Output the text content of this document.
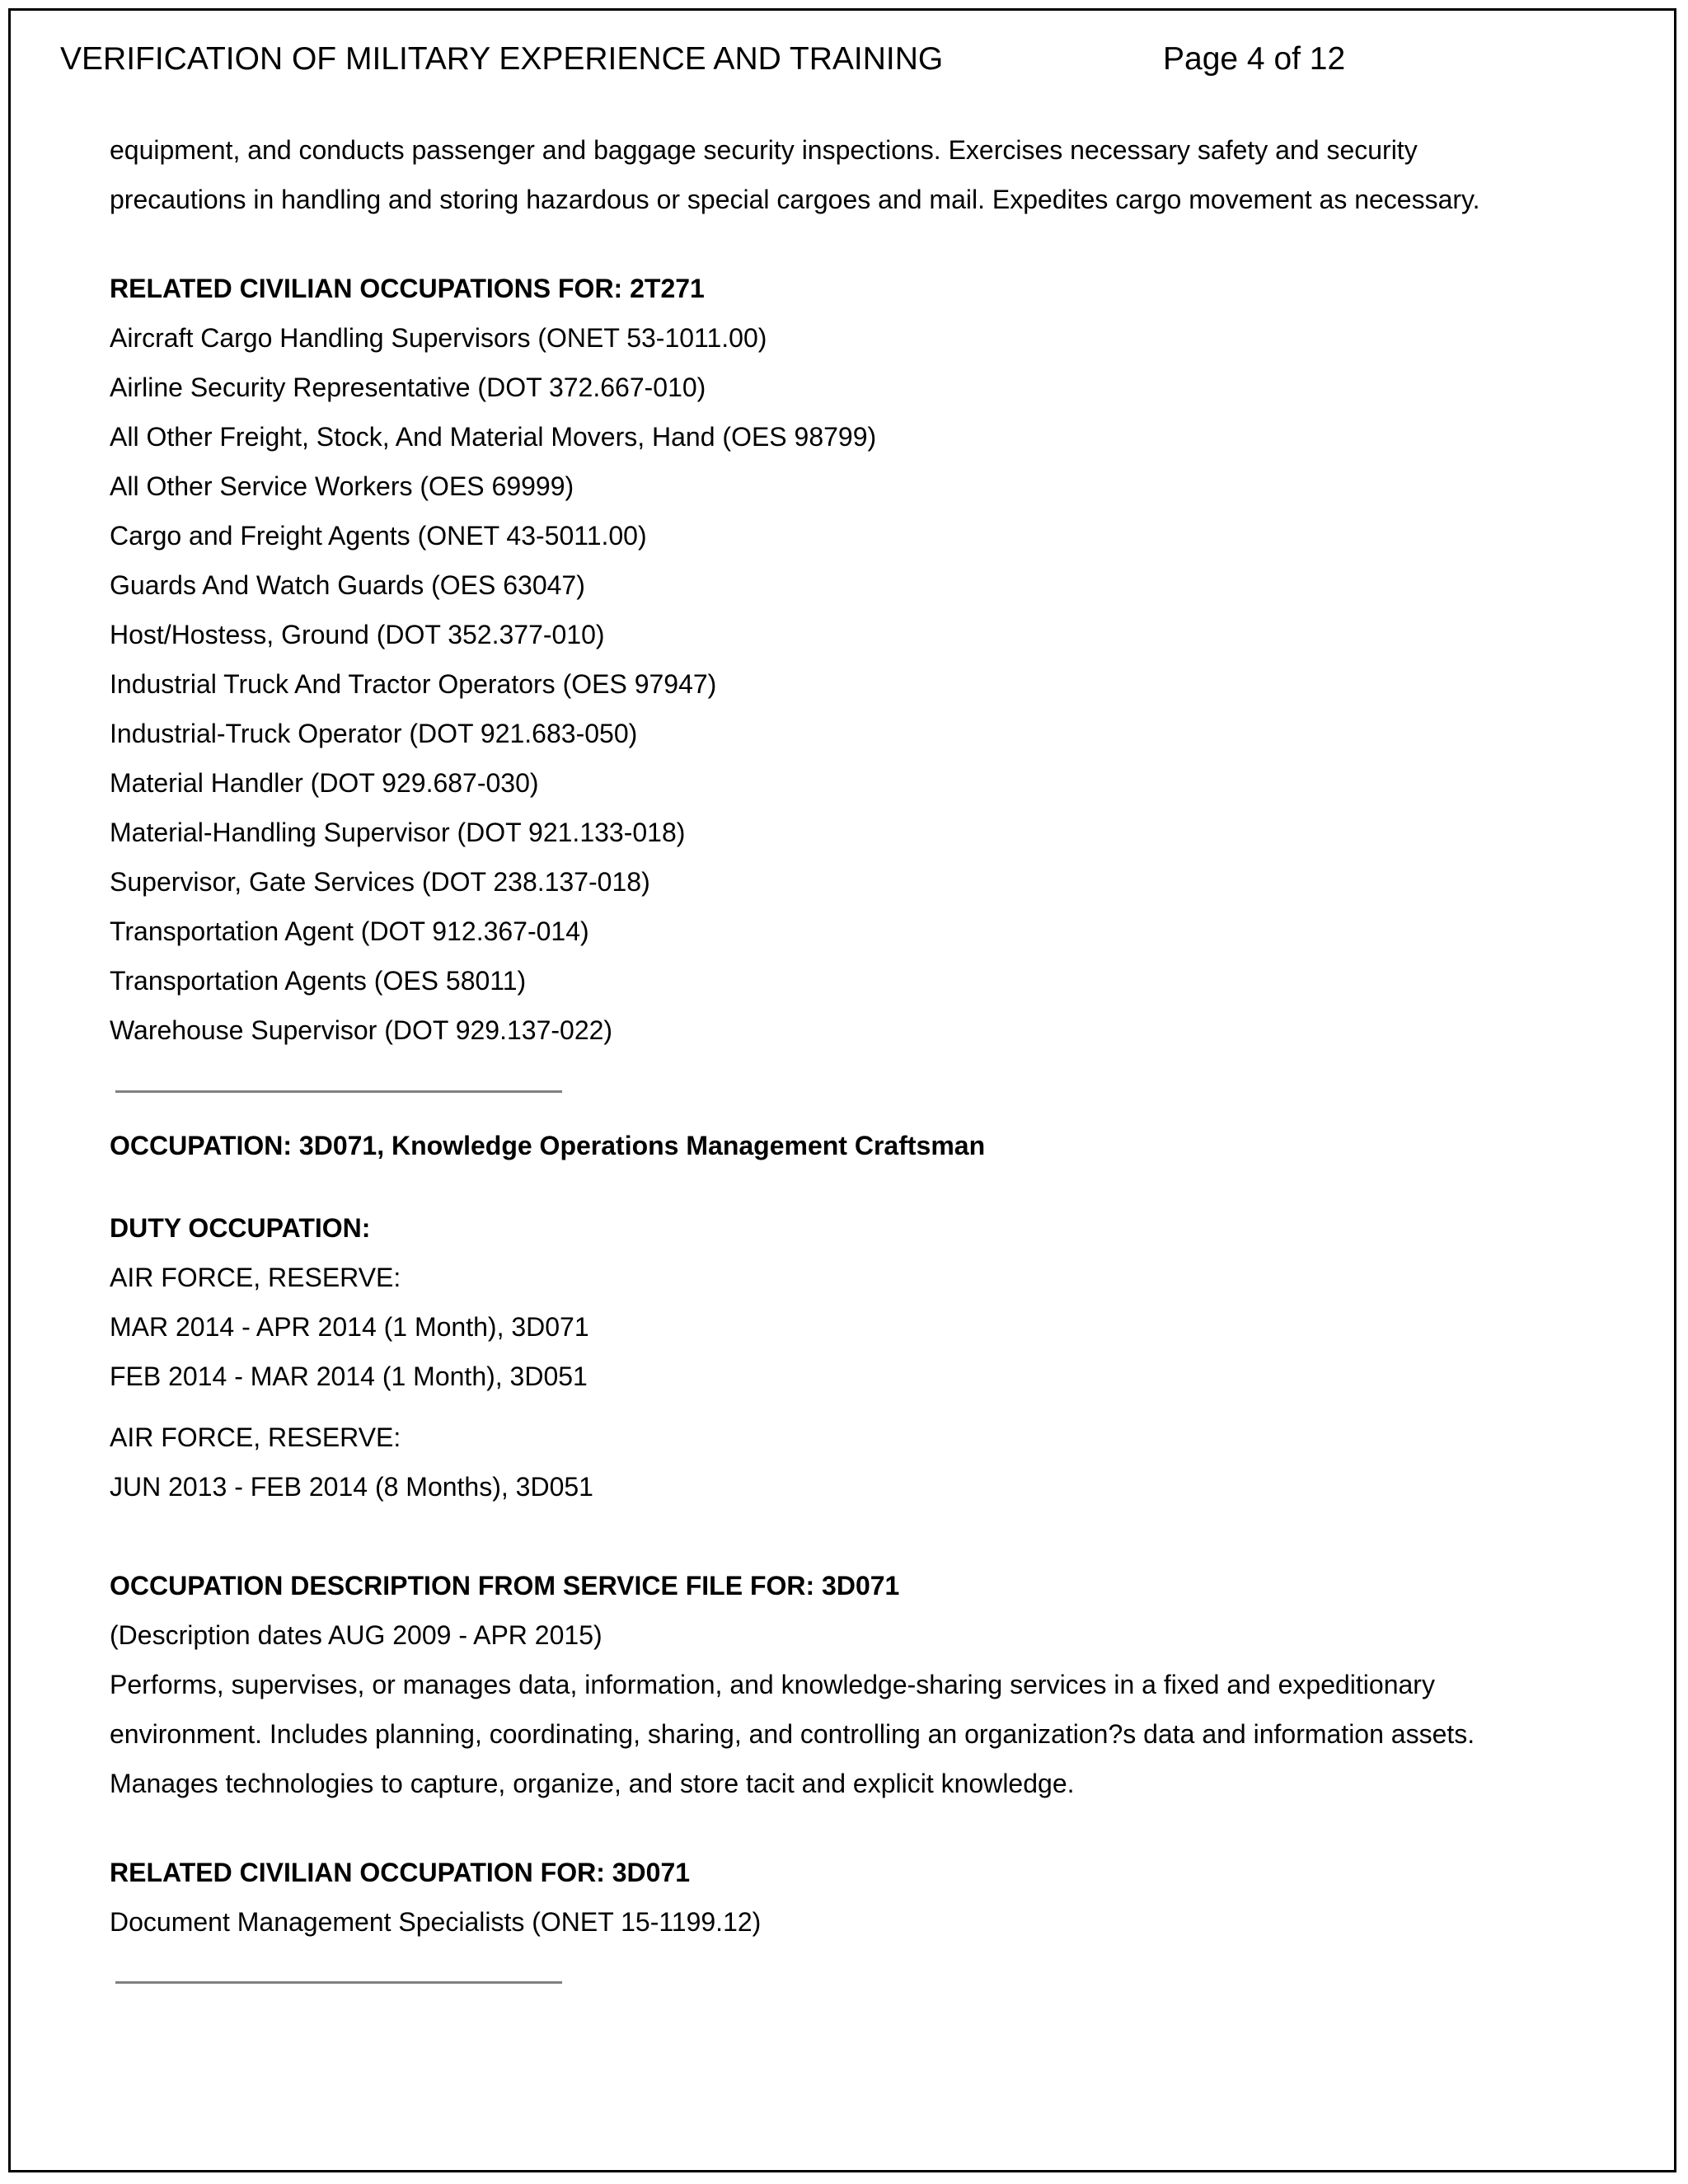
VERIFICATION OF MILITARY EXPERIENCE AND TRAINING	Page 4 of 12
equipment, and conducts passenger and baggage security inspections. Exercises necessary safety and security
precautions in handling and storing hazardous or special cargoes and mail. Expedites cargo movement as necessary.
RELATED CIVILIAN OCCUPATIONS FOR: 2T271
Aircraft Cargo Handling Supervisors (ONET 53-1011.00)
Airline Security Representative (DOT 372.667-010)
All Other Freight, Stock, And Material Movers, Hand (OES 98799)
All Other Service Workers (OES 69999)
Cargo and Freight Agents (ONET 43-5011.00)
Guards And Watch Guards (OES 63047)
Host/Hostess, Ground (DOT 352.377-010)
Industrial Truck And Tractor Operators (OES 97947)
Industrial-Truck Operator (DOT 921.683-050)
Material Handler (DOT 929.687-030)
Material-Handling Supervisor (DOT 921.133-018)
Supervisor, Gate Services (DOT 238.137-018)
Transportation Agent (DOT 912.367-014)
Transportation Agents (OES 58011)
Warehouse Supervisor (DOT 929.137-022)
OCCUPATION: 3D071, Knowledge Operations Management Craftsman
DUTY OCCUPATION:
AIR FORCE, RESERVE:
MAR 2014 - APR 2014 (1 Month), 3D071
FEB 2014 - MAR 2014 (1 Month), 3D051
AIR FORCE, RESERVE:
JUN 2013 - FEB 2014 (8 Months), 3D051
OCCUPATION DESCRIPTION FROM SERVICE FILE FOR: 3D071
(Description dates AUG 2009 - APR 2015)
Performs, supervises, or manages data, information, and knowledge-sharing services in a fixed and expeditionary
environment. Includes planning, coordinating, sharing, and controlling an organization?s data and information assets.
Manages technologies to capture, organize, and store tacit and explicit knowledge.
RELATED CIVILIAN OCCUPATION FOR: 3D071
Document Management Specialists (ONET 15-1199.12)
